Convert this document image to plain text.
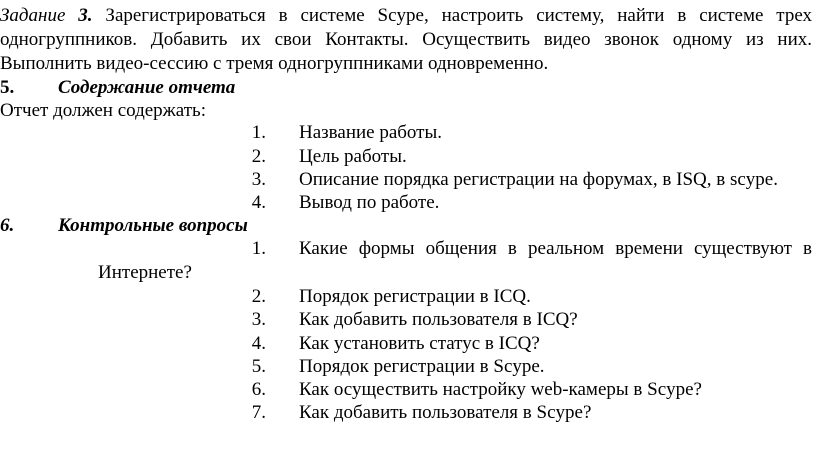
Задание 3. Зарегистрироваться в системе Scype, настроить систему, найти в системе трех
одногруппников. Добавить их свои Контакты. Осуществить видео звонок одному из них.
Выполнить видео-сессию с тремя одногруппниками одновременно.
5. Содержание отчета
Отчет должен содержать:
1. Название работы.
2. Цель работы.
3. Описание порядка регистрации на форумах, в ISQ, в scype.
4. Вывод по работе.
6. Контрольные вопросы
1. Какие формы общения в реальном времени существуют в
Интернете?
2. Порядок регистрации в ICQ.
3. Как добавить пользователя в ICQ?
4. Как установить статус в ICQ?
5. Порядок регистрации в Scype.
6. Как осуществить настройку web-камеры в Scype?
7. Как добавить пользователя в Scype?
